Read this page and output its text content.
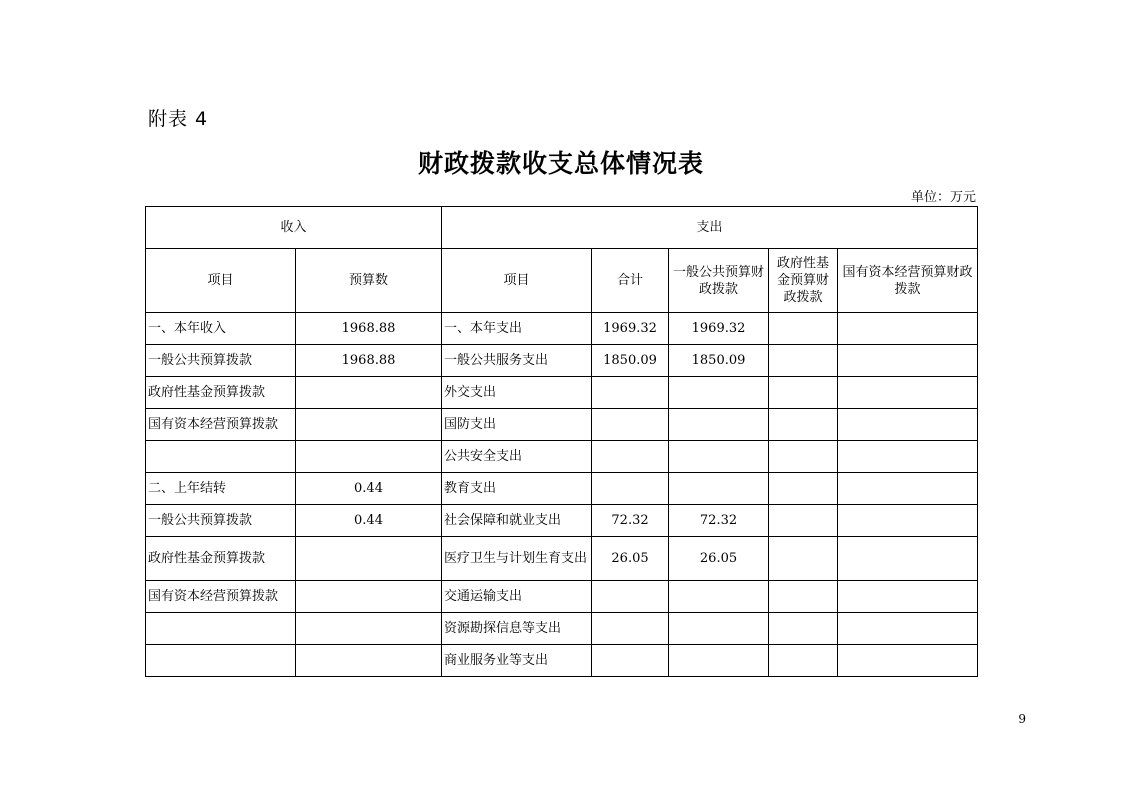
附表 4
财政拨款收支总体情况表
单位：万元
收入		支出				
项目	预算数	项目	合计	一般公共预算财政拨款	政府性基金预算财政拨款	国有资本经营预算财政拨款
一、本年收入	1968.88	一、本年支出	1969.32	1969.32		
一般公共预算拨款	1968.88	一般公共服务支出	1850.09	1850.09		
政府性基金预算拨款		外交支出				
国有资本经营预算拨款		国防支出				
		公共安全支出				
二、上年结转	0.44	教育支出				
一般公共预算拨款	0.44	社会保障和就业支出	72.32	72.32		
政府性基金预算拨款		医疗卫生与计划生育支出	26.05	26.05		
国有资本经营预算拨款		交通运输支出				
		资源勘探信息等支出				
		商业服务业等支出				
9
